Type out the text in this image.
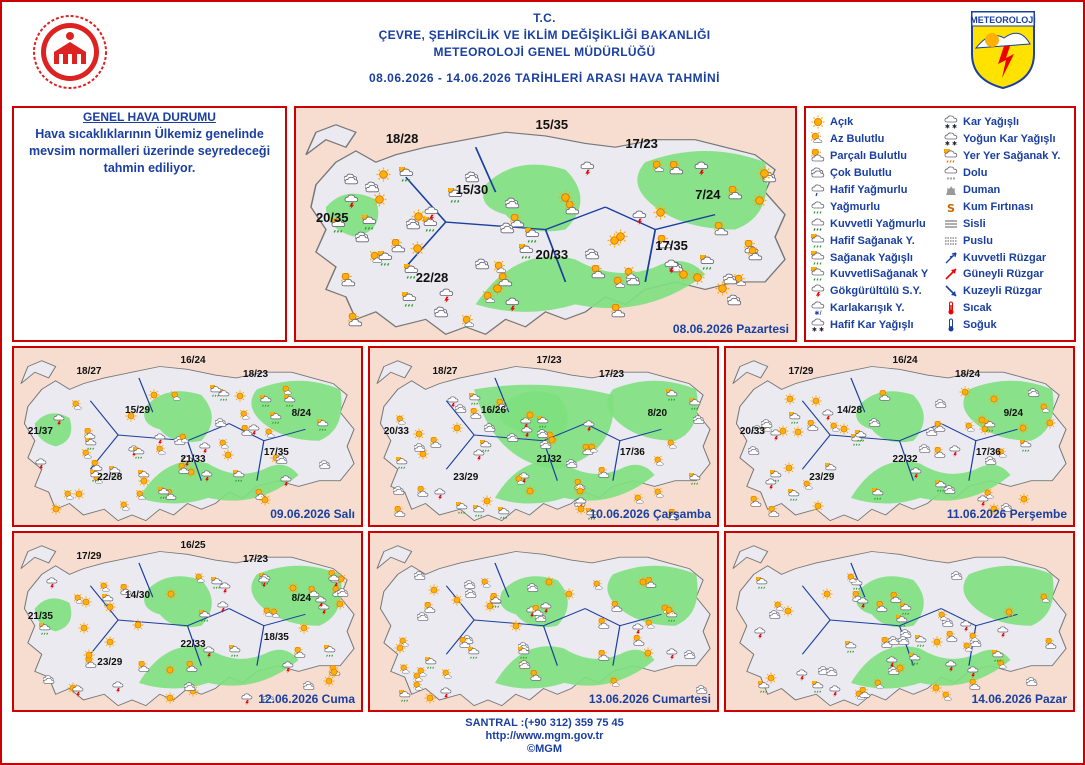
T.C.
ÇEVRE, ŞEHİRCİLİK VE İKLİM DEĞİŞİKLİĞİ BAKANLIĞI
METEOROLOJİ GENEL MÜDÜRLÜĞÜ
08.06.2026 - 14.06.2026 TARİHLERİ ARASI HAVA TAHMİNİ
METEOROLOJİ
GENEL HAVA DURUMU
Hava sıcaklıklarının Ülkemiz genelinde mevsim normalleri üzerinde seyredeceği tahmin ediliyor.
Açık
Az Bulutlu
Parçalı Bulutlu
Çok Bulutlu
Hafif Yağmurlu
Yağmurlu
Kuvvetli Yağmurlu
Hafif Sağanak Y.
Sağanak Yağışlı
KuvvetliSağanak Y
Gökgürültülü S.Y.
✱/ Karlakarışık Y.
✱ ✱ Hafif Kar Yağışlı
✱ ✱ Kar Yağışlı
✱ ✱ Yoğun Kar Yağışlı
Yer Yer Sağanak Y.
Dolu
Duman
S Kum Fırtınası
Sisli
Puslu
Kuvvetli Rüzgar
Güneyli Rüzgar
Kuzeyli Rüzgar
Sıcak
Soğuk
18/28
15/35
17/23
15/30	7/24
20/35
17/35
20/33
22/28
08.06.2026 Pazartesi
18/27
16/24
18/23
15/29	8/24
21/37
17/35
21/33
22/28
09.06.2026 Salı
18/27
17/23
17/23
16/26	8/20
20/33
17/36
21/32
23/29
10.06.2026 Çarşamba
17/29
16/24
18/24
14/28	9/24
20/33
17/36
22/32
23/29
11.06.2026 Perşembe
17/29
16/25
17/23
14/30	8/24
21/35
18/35
22/33
23/29
12.06.2026 Cuma	13.06.2026 Cumartesi	14.06.2026 Pazar
SANTRAL :(+90 312) 359 75 45
http://www.mgm.gov.tr
©MGM
